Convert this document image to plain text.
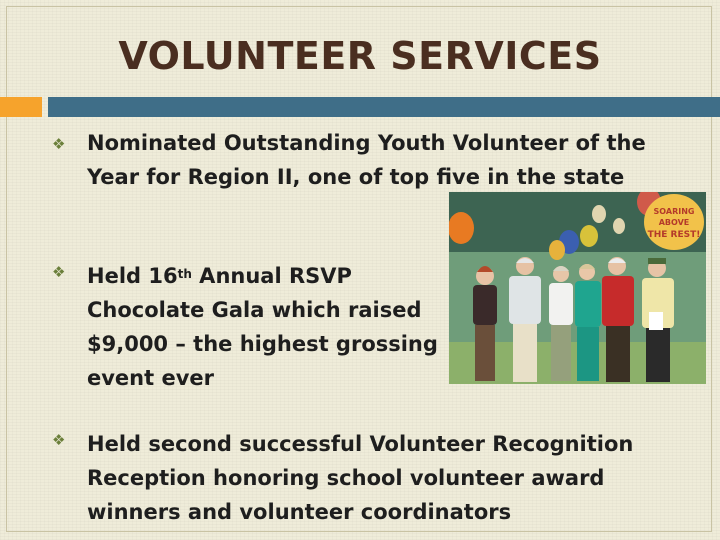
VOLUNTEER SERVICES
❖ Nominated Outstanding Youth Volunteer of the Year for Region II, one of top five in the state
❖ Held 16th Annual RSVP Chocolate Gala which raised $9,000 – the highest grossing event ever
❖ Held second successful Volunteer Recognition Reception honoring school volunteer award winners and volunteer coordinators
SOARING
ABOVE
THE REST!
